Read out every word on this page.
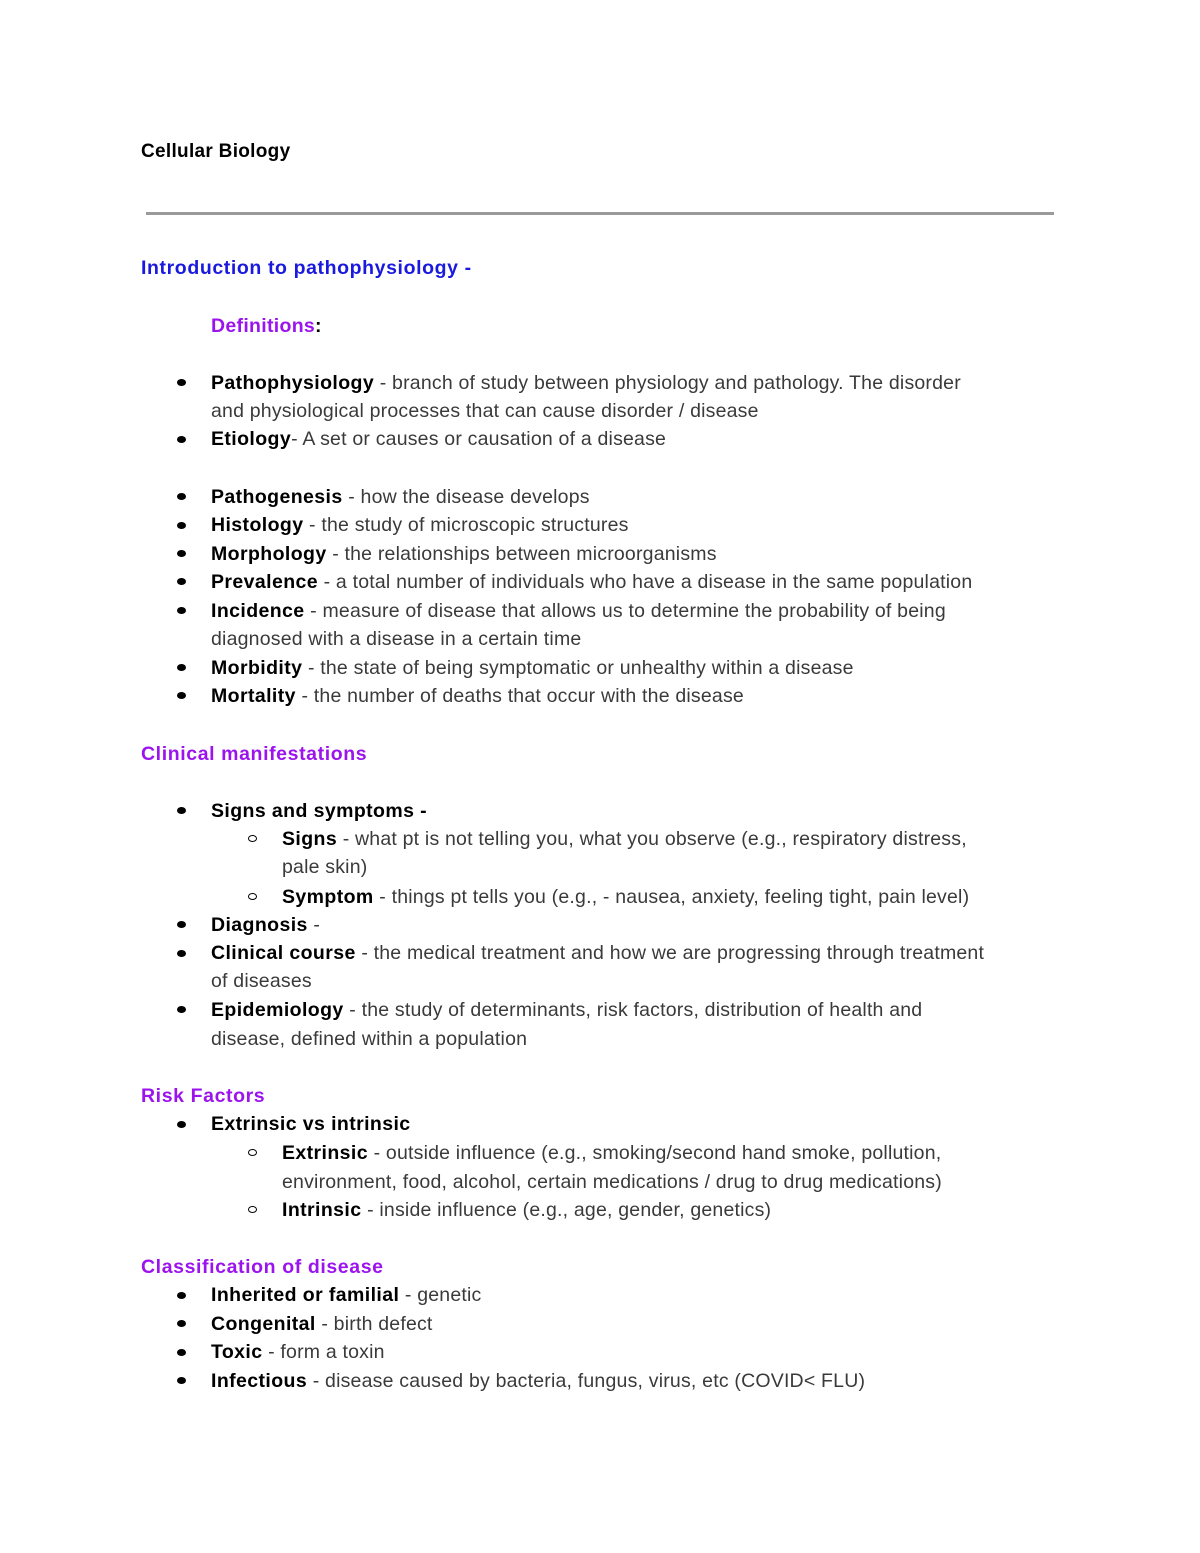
Cellular Biology
Introduction to pathophysiology -
Definitions:
Pathophysiology - branch of study between physiology and pathology. The disorder
and physiological processes that can cause disorder / disease
Etiology- A set or causes or causation of a disease
Pathogenesis - how the disease develops
Histology - the study of microscopic structures
Morphology - the relationships between microorganisms
Prevalence - a total number of individuals who have a disease in the same population
Incidence - measure of disease that allows us to determine the probability of being
diagnosed with a disease in a certain time
Morbidity - the state of being symptomatic or unhealthy within a disease
Mortality - the number of deaths that occur with the disease
Clinical manifestations
Signs and symptoms -
Signs - what pt is not telling you, what you observe (e.g., respiratory distress,
pale skin)
Symptom - things pt tells you (e.g., - nausea, anxiety, feeling tight, pain level)
Diagnosis -
Clinical course - the medical treatment and how we are progressing through treatment
of diseases
Epidemiology - the study of determinants, risk factors, distribution of health and
disease, defined within a population
Risk Factors
Extrinsic vs intrinsic
Extrinsic - outside influence (e.g., smoking/second hand smoke, pollution,
environment, food, alcohol, certain medications / drug to drug medications)
Intrinsic - inside influence (e.g., age, gender, genetics)
Classification of disease
Inherited or familial - genetic
Congenital - birth defect
Toxic - form a toxin
Infectious - disease caused by bacteria, fungus, virus, etc (COVID< FLU)
